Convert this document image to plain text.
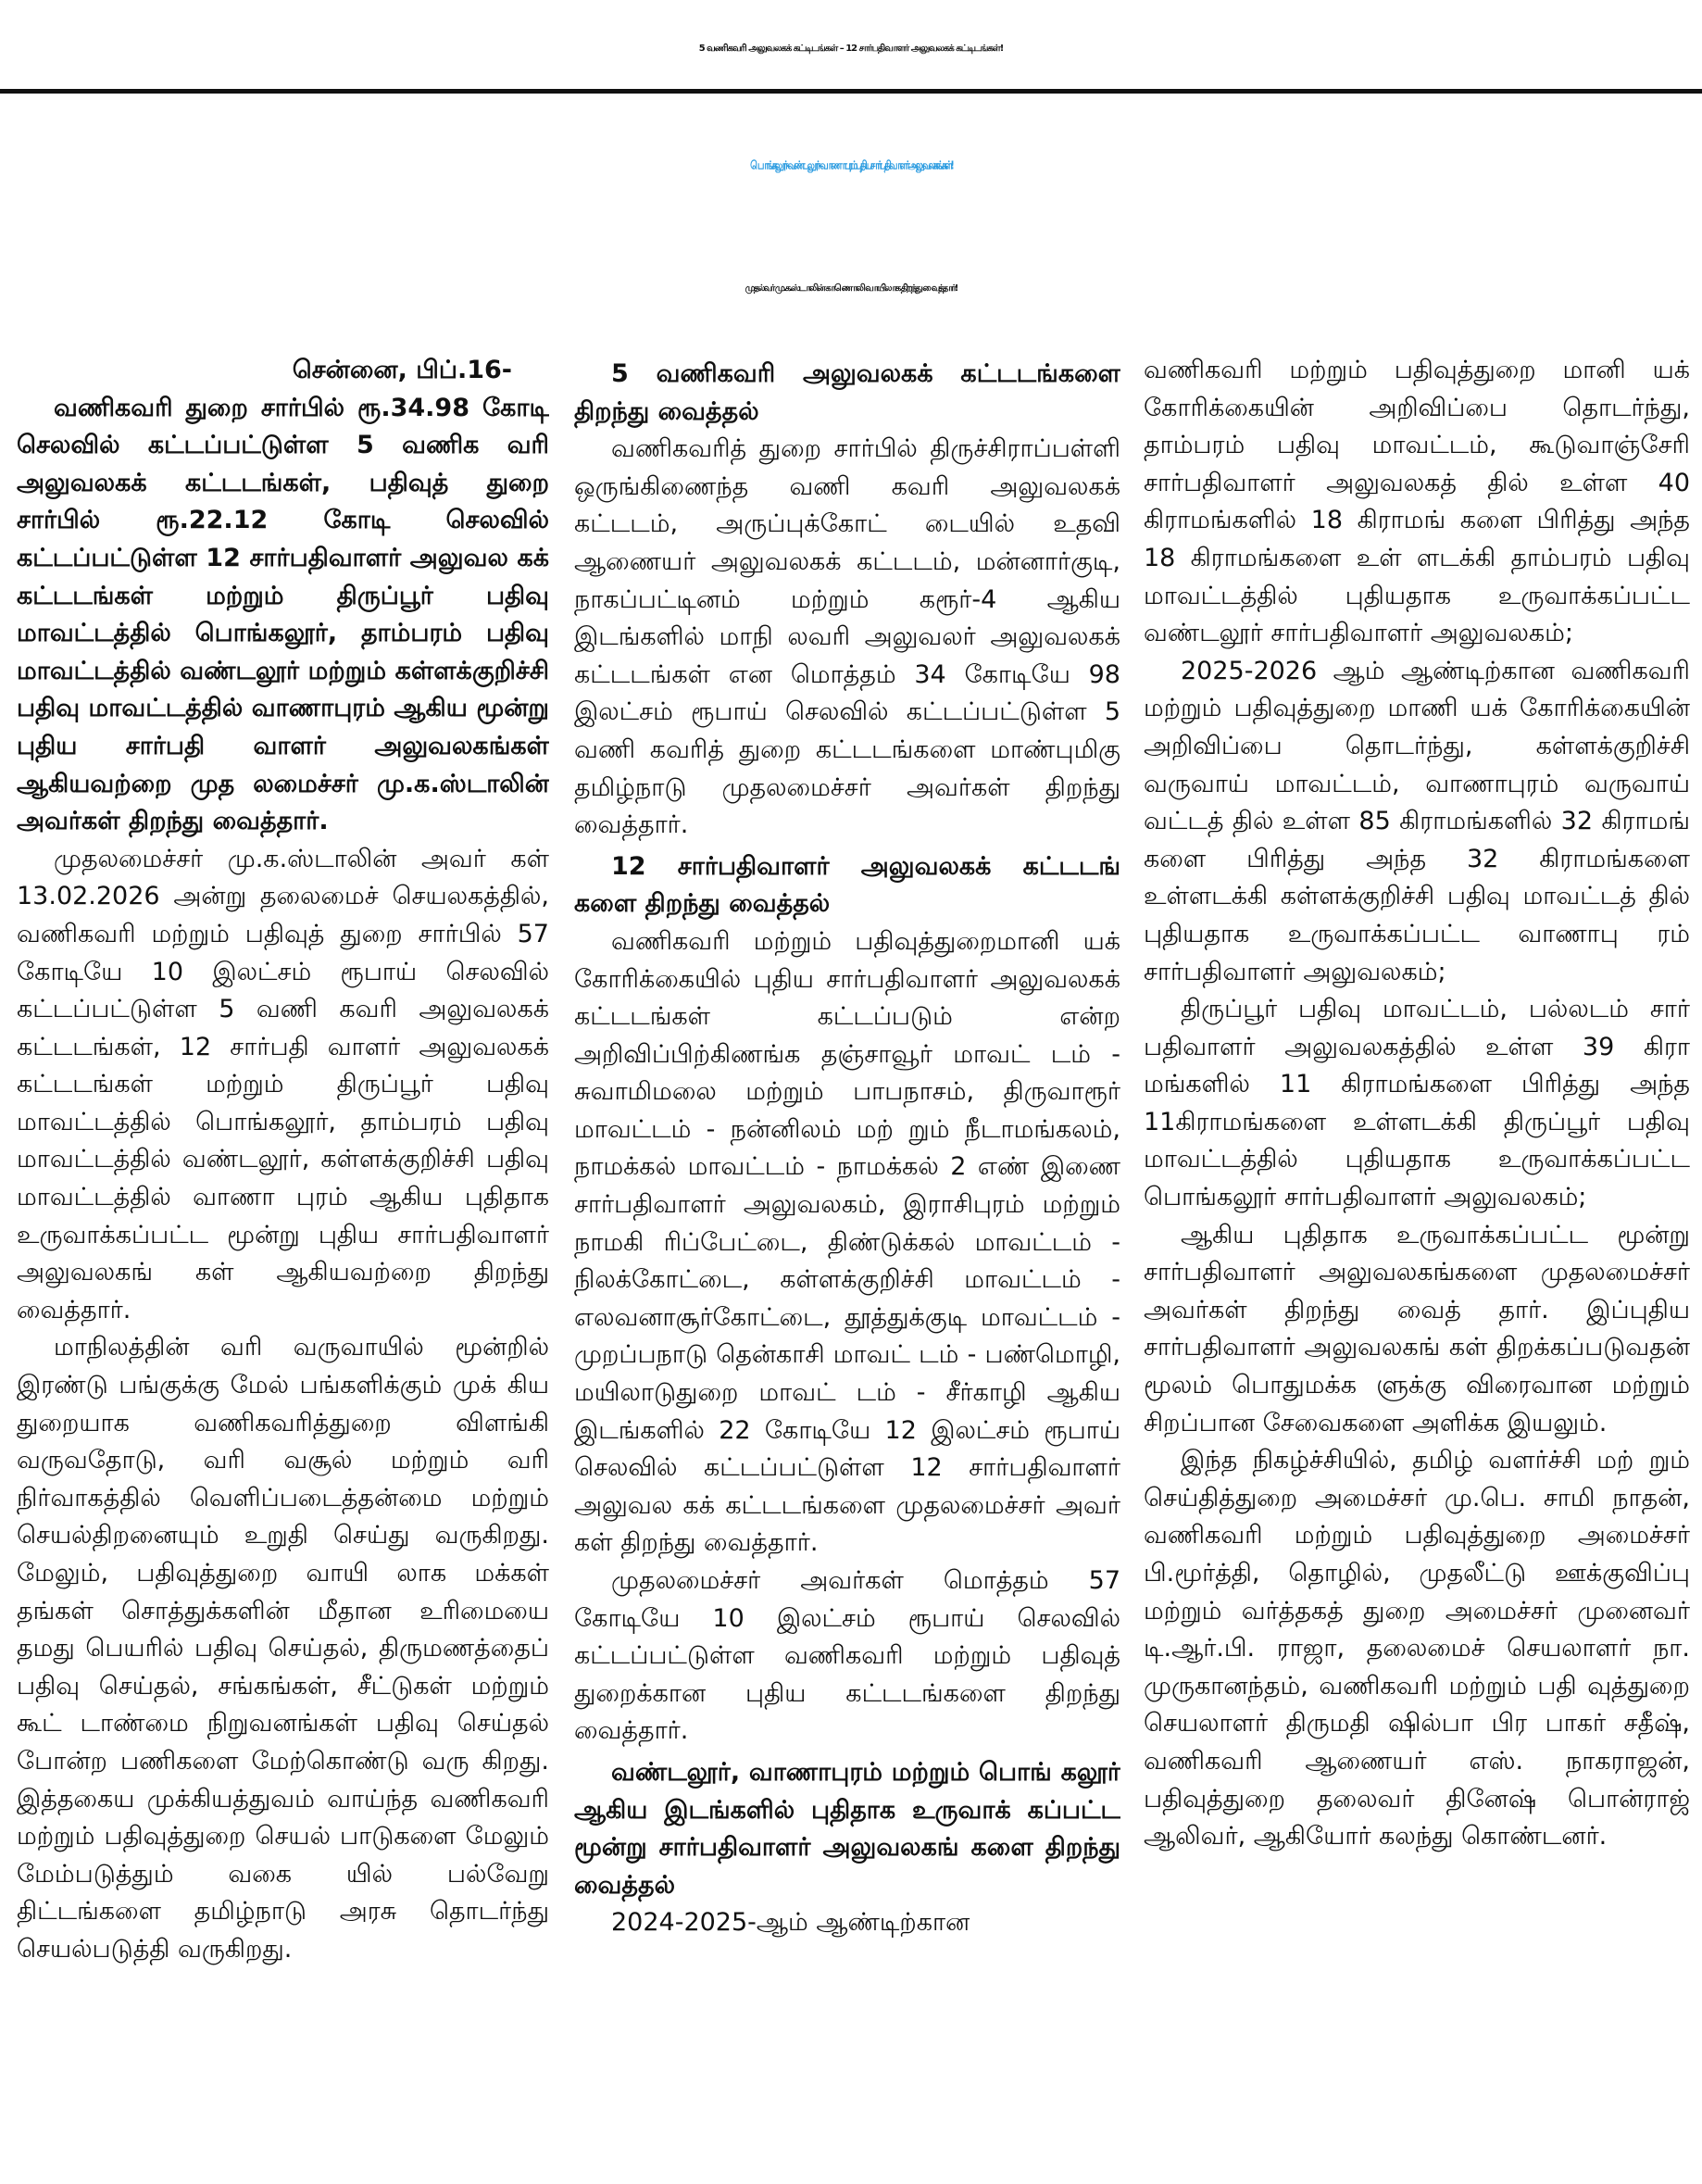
5 வணிகவரி அலுவலகக் கட்டிடங்கள் – 12 சார்பதிவாளர் அலுவலகக் கட்டிடங்கள்!
பொங்கலூர் - வண்டலூர் - வாணாபுரம் புதிய சார் பதிவாளர் அலுவலகங்கள்!
முதல்வர் மு.க.ஸ்டாலின் காணொலி வாயிலாக திறந்து வைத்தார்!

சென்னை, பிப்.16-

வணிகவரி துறை சார்பில் ரூ.34.98 கோடி செலவில் கட்டப்பட்டுள்ள 5 வணிக வரி அலுவலகக் கட்டடங்கள், பதிவுத் துறை சார்பில் ரூ.22.12 கோடி செலவில் கட்டப்பட்டுள்ள 12 சார்பதிவாளர் அலுவல கக் கட்டடங்கள் மற்றும் திருப்பூர் பதிவு மாவட்டத்தில் பொங்கலூர், தாம்பரம் பதிவு மாவட்டத்தில் வண்டலூர் மற்றும் கள்ளக்குறிச்சி பதிவு மாவட்டத்தில் வாணாபுரம் ஆகிய மூன்று புதிய சார்பதி வாளர் அலுவலகங்கள் ஆகியவற்றை முத லமைச்சர் மு.க.ஸ்டாலின் அவர்கள் திறந்து வைத்தார்.

முதலமைச்சர் மு.க.ஸ்டாலின் அவர் கள் 13.02.2026 அன்று தலைமைச் செயலகத்தில், வணிகவரி மற்றும் பதிவுத் துறை சார்பில் 57 கோடியே 10 இலட்சம் ரூபாய் செலவில் கட்டப்பட்டுள்ள 5 வணி கவரி அலுவலகக் கட்டடங்கள், 12 சார்பதி வாளர் அலுவலகக் கட்டடங்கள் மற்றும் திருப்பூர் பதிவு மாவட்டத்தில் பொங்கலூர், தாம்பரம் பதிவு மாவட்டத்தில் வண்டலூர், கள்ளக்குறிச்சி பதிவு மாவட்டத்தில் வாணா புரம் ஆகிய புதிதாக உருவாக்கப்பட்ட மூன்று புதிய சார்பதிவாளர் அலுவலகங் கள் ஆகியவற்றை திறந்து வைத்தார்.

மாநிலத்தின் வரி வருவாயில் மூன்றில் இரண்டு பங்குக்கு மேல் பங்களிக்கும் முக் கிய துறையாக வணிகவரித்துறை விளங்கி வருவதோடு, வரி வசூல் மற்றும் வரி நிர்வாகத்தில் வெளிப்படைத்தன்மை மற்றும் செயல்திறனையும் உறுதி செய்து வருகிறது. மேலும், பதிவுத்துறை வாயி லாக மக்கள் தங்கள் சொத்துக்களின் மீதான உரிமையை தமது பெயரில் பதிவு செய்தல், திருமணத்தைப் பதிவு செய்தல், சங்கங்கள், சீட்டுகள் மற்றும் கூட் டாண்மை நிறுவனங்கள் பதிவு செய்தல் போன்ற பணிகளை மேற்கொண்டு வரு கிறது. இத்தகைய முக்கியத்துவம் வாய்ந்த வணிகவரி மற்றும் பதிவுத்துறை செயல் பாடுகளை மேலும் மேம்படுத்தும் வகை யில் பல்வேறு திட்டங்களை தமிழ்நாடு அரசு தொடர்ந்து செயல்படுத்தி வருகிறது.

5 வணிகவரி அலுவலகக் கட்டடங்களை திறந்து வைத்தல்

வணிகவரித் துறை சார்பில் திருச்சிராப்பள்ளி ஒருங்கிணைந்த வணி கவரி அலுவலகக் கட்டடம், அருப்புக்கோட் டையில் உதவி ஆணையர் அலுவலகக் கட்டடம், மன்னார்குடி, நாகப்பட்டினம் மற்றும் கரூர்-4 ஆகிய இடங்களில் மாநி லவரி அலுவலர் அலுவலகக் கட்டடங்கள் என மொத்தம் 34 கோடியே 98 இலட்சம் ரூபாய் செலவில் கட்டப்பட்டுள்ள 5 வணி கவரித் துறை கட்டடங்களை மாண்புமிகு தமிழ்நாடு முதலமைச்சர் அவர்கள் திறந்து வைத்தார்.

12 சார்பதிவாளர் அலுவலகக் கட்டடங் களை திறந்து வைத்தல்

வணிகவரி மற்றும் பதிவுத்துறைமானி யக் கோரிக்கையில் புதிய சார்பதிவாளர் அலுவலகக் கட்டடங்கள் கட்டப்படும் என்ற அறிவிப்பிற்கிணங்க தஞ்சாவூர் மாவட் டம் - சுவாமிமலை மற்றும் பாபநாசம், திருவாரூர் மாவட்டம் - நன்னிலம் மற் றும் நீடாமங்கலம், நாமக்கல் மாவட்டம் - நாமக்கல் 2 எண் இணை சார்பதிவாளர் அலுவலகம், இராசிபுரம் மற்றும் நாமகி ரிப்பேட்டை, திண்டுக்கல் மாவட்டம் - நிலக்கோட்டை, கள்ளக்குறிச்சி மாவட்டம் - எலவனாசூர்கோட்டை, தூத்துக்குடி மாவட்டம் - முறப்பநாடு தென்காசி மாவட் டம் - பண்மொழி, மயிலாடுதுறை மாவட் டம் - சீர்காழி ஆகிய இடங்களில் 22 கோடியே 12 இலட்சம் ரூபாய் செலவில் கட்டப்பட்டுள்ள 12 சார்பதிவாளர் அலுவல கக் கட்டடங்களை முதலமைச்சர் அவர் கள் திறந்து வைத்தார்.

முதலமைச்சர் அவர்கள் மொத்தம் 57 கோடியே 10 இலட்சம் ரூபாய் செலவில் கட்டப்பட்டுள்ள வணிகவரி மற்றும் பதிவுத் துறைக்கான புதிய கட்டடங்களை திறந்து வைத்தார்.

வண்டலூர், வாணாபுரம் மற்றும் பொங் கலூர் ஆகிய இடங்களில் புதிதாக உருவாக் கப்பட்ட மூன்று சார்பதிவாளர் அலுவலகங் களை திறந்து வைத்தல்

2024-2025-ஆம் ஆண்டிற்கான

வணிகவரி மற்றும் பதிவுத்துறை மானி யக் கோரிக்கையின் அறிவிப்பை தொடர்ந்து, தாம்பரம் பதிவு மாவட்டம், கூடுவாஞ்சேரி சார்பதிவாளர் அலுவலகத் தில் உள்ள 40 கிராமங்களில் 18 கிராமங் களை பிரித்து அந்த 18 கிராமங்களை உள் ளடக்கி தாம்பரம் பதிவு மாவட்டத்தில் புதியதாக உருவாக்கப்பட்ட வண்டலூர் சார்பதிவாளர் அலுவலகம்;

2025-2026 ஆம் ஆண்டிற்கான வணிகவரி மற்றும் பதிவுத்துறை மாணி யக் கோரிக்கையின் அறிவிப்பை தொடர்ந்து, கள்ளக்குறிச்சி வருவாய் மாவட்டம், வாணாபுரம் வருவாய் வட்டத் தில் உள்ள 85 கிராமங்களில் 32 கிராமங் களை பிரித்து அந்த 32 கிராமங்களை உள்ளடக்கி கள்ளக்குறிச்சி பதிவு மாவட்டத் தில் புதியதாக உருவாக்கப்பட்ட வாணாபு ரம் சார்பதிவாளர் அலுவலகம்;

திருப்பூர் பதிவு மாவட்டம், பல்லடம் சார் பதிவாளர் அலுவலகத்தில் உள்ள 39 கிரா மங்களில் 11 கிராமங்களை பிரித்து அந்த 11கிராமங்களை உள்ளடக்கி திருப்பூர் பதிவு மாவட்டத்தில் புதியதாக உருவாக்கப்பட்ட பொங்கலூர் சார்பதிவாளர் அலுவலகம்;

ஆகிய புதிதாக உருவாக்கப்பட்ட மூன்று சார்பதிவாளர் அலுவலகங்களை முதலமைச்சர் அவர்கள் திறந்து வைத் தார். இப்புதிய சார்பதிவாளர் அலுவலகங் கள் திறக்கப்படுவதன் மூலம் பொதுமக்க ளுக்கு விரைவான மற்றும் சிறப்பான சேவைகளை அளிக்க இயலும்.

இந்த நிகழ்ச்சியில், தமிழ் வளர்ச்சி மற் றும் செய்தித்துறை அமைச்சர் மு.பெ. சாமி நாதன், வணிகவரி மற்றும் பதிவுத்துறை அமைச்சர் பி.மூர்த்தி, தொழில், முதலீட்டு ஊக்குவிப்பு மற்றும் வர்த்தகத் துறை அமைச்சர் முனைவர் டி.ஆர்.பி. ராஜா, தலைமைச் செயலாளர் நா. முருகானந்தம், வணிகவரி மற்றும் பதி வுத்துறை செயலாளர் திருமதி ஷில்பா பிர பாகர் சதீஷ், வணிகவரி ஆணையர் எஸ். நாகராஜன், பதிவுத்துறை தலைவர் தினேஷ் பொன்ராஜ் ஆலிவர், ஆகியோர் கலந்து கொண்டனர்.
